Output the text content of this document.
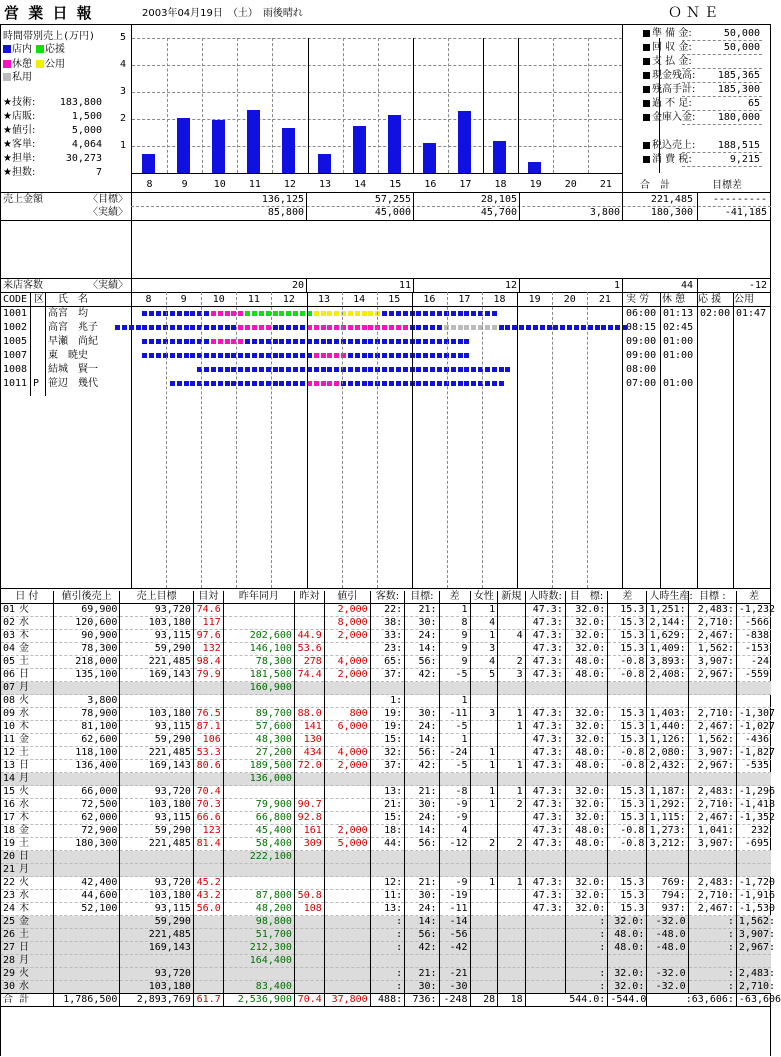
営 業 日 報	2003年04月19日　（土）　雨後晴れ	ＯＮＥ
時間帯別売上(万円)
店内	応援
休憩	公用
私用
★技術:	183,800
★店販:	1,500
★値引:	5,000
★客単:	4,064
★担単:	30,273
★担数:	7
1
2
3
4
5
8	9	10	11	12	13	14	15	16	17	18	19	20	21
準 備 金:	50,000
回 収 金:	50,000
支 払 金:
現金残高:	185,365
残高手計:	185,300
過 不 足:	65
金庫入金:	180,000
税込売上:	188,515
消 費 税:	9,215
合　計	目標差
売上金額	〈目標〉
〈実績〉
136,125	57,255	28,105	221,485	---------
85,800	45,000	45,700	3,800	180,300	-41,185
来店客数	〈実績〉	20	11	12	1	44	-12
CODE 区 氏　名	8	9	10	11	12	13	14	15	16	17	18	19	20	21	実 労 休 憩 応 援 公用
1001 高宮　均	06:00 01:13 02:00 01:47
1002 高宮　兆子	08:15 02:45
1005 早瀬　尚紀	09:00 01:00
1007 東　暁史	09:00 01:00
1008 結城　賢一	08:00
1011 P 笹辺　幾代	07:00 01:00
日 付	値引後売上	売上目標	目対	昨年同月	昨対	値引	客数:	目標:	差	女性	新規	人時数:	目　標:	差	人時生産:	目標 :	差
01 火	69,900	93,720	74.6			2,000	22:	21:	1	1		47.3:	32.0:	15.3	1,251:	2,483:	-1,232
02 水	120,600	103,180	117			8,000	38:	30:	8	4		47.3:	32.0:	15.3	2,144:	2,710:	-566
03 木	90,900	93,115	97.6	202,600	44.9	2,000	33:	24:	9	1	4	47.3:	32.0:	15.3	1,629:	2,467:	-838
04 金	78,300	59,290	132	146,100	53.6		23:	14:	9	3		47.3:	32.0:	15.3	1,409:	1,562:	-153
05 土	218,000	221,485	98.4	78,300	278	4,000	65:	56:	9	4	2	47.3:	48.0:	-0.8	3,893:	3,907:	-24
06 日	135,100	169,143	79.9	181,500	74.4	2,000	37:	42:	-5	5	3	47.3:	48.0:	-0.8	2,408:	2,967:	-559
07 月				160,900													
08 火	3,800						1:		1								
09 水	78,900	103,180	76.5	89,700	88.0	800	19:	30:	-11	3	1	47.3:	32.0:	15.3	1,403:	2,710:	-1,307
10 木	81,100	93,115	87.1	57,600	141	6,000	19:	24:	-5		1	47.3:	32.0:	15.3	1,440:	2,467:	-1,027
11 金	62,600	59,290	106	48,300	130		15:	14:	1			47.3:	32.0:	15.3	1,126:	1,562:	-436
12 土	118,100	221,485	53.3	27,200	434	4,000	32:	56:	-24	1		47.3:	48.0:	-0.8	2,080:	3,907:	-1,827
13 日	136,400	169,143	80.6	189,500	72.0	2,000	37:	42:	-5	1	1	47.3:	48.0:	-0.8	2,432:	2,967:	-535
14 月				136,000													
15 火	66,000	93,720	70.4				13:	21:	-8	1	1	47.3:	32.0:	15.3	1,187:	2,483:	-1,296
16 水	72,500	103,180	70.3	79,900	90.7		21:	30:	-9	1	2	47.3:	32.0:	15.3	1,292:	2,710:	-1,418
17 木	62,000	93,115	66.6	66,800	92.8		15:	24:	-9			47.3:	32.0:	15.3	1,115:	2,467:	-1,352
18 金	72,900	59,290	123	45,400	161	2,000	18:	14:	4			47.3:	48.0:	-0.8	1,273:	1,041:	232
19 土	180,300	221,485	81.4	58,400	309	5,000	44:	56:	-12	2	2	47.3:	48.0:	-0.8	3,212:	3,907:	-695
20 日				222,100													
21 月																	
22 火	42,400	93,720	45.2				12:	21:	-9	1	1	47.3:	32.0:	15.3	769:	2,483:	-1,720
23 水	44,600	103,180	43.2	87,800	50.8		11:	30:	-19			47.3:	32.0:	15.3	794:	2,710:	-1,916
24 木	52,100	93,115	56.0	48,200	108		13:	24:	-11			47.3:	32.0:	15.3	937:	2,467:	-1,530
25 金		59,290		98,800			:	14:	-14				:	32.0:	-32.0	:	1,562:
26 土		221,485		51,700			:	56:	-56				:	48.0:	-48.0	:	3,907:
27 日		169,143		212,300			:	42:	-42				:	48.0:	-48.0	:	2,967:
28 月				164,400													
29 火		93,720					:	21:	-21				:	32.0:	-32.0	:	2,483:
30 水		103,180		83,400			:	30:	-30				:	32.0:	-32.0	:	2,710:
合 計	1,786,500	2,893,769	61.7	2,536,900	70.4	37,800	488:	736:	-248	28	18	544.0:		-544.0	:63,606:		-63,606
